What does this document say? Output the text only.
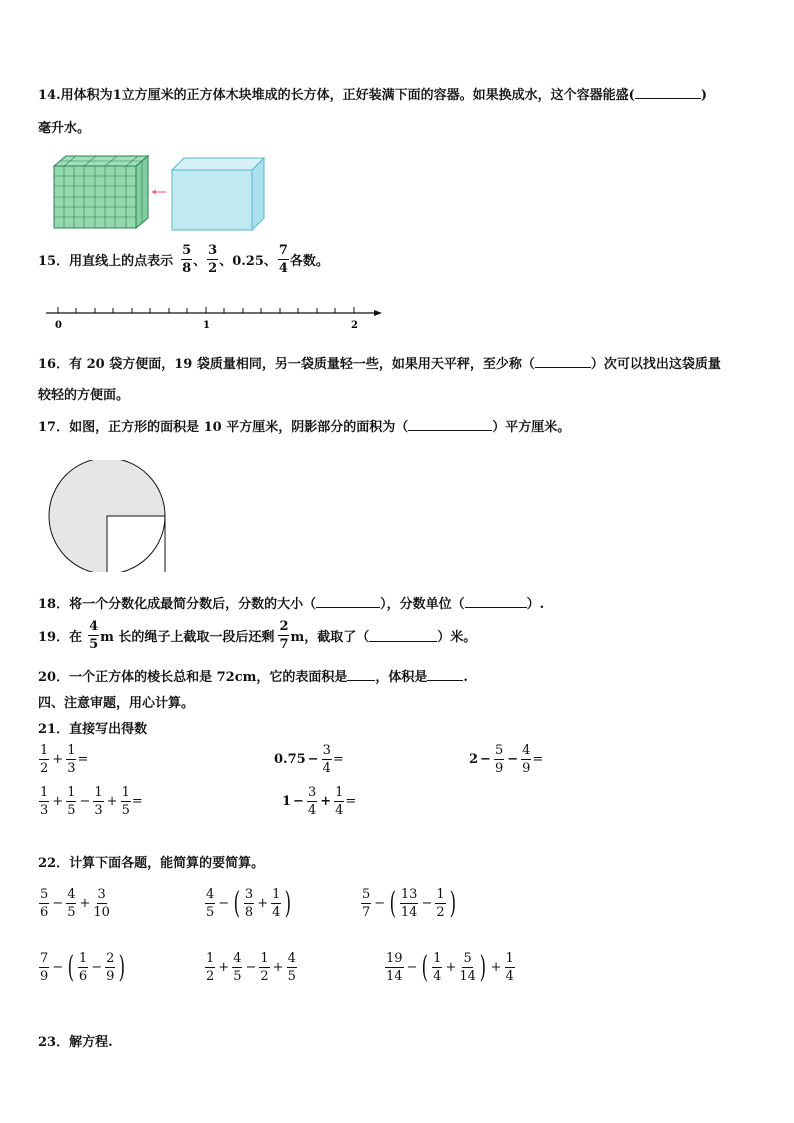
14.用体积为1立方厘米的正方体木块堆成的长方体，正好装满下面的容器。如果换成水，这个容器能盛(	)
毫升水。
15．用直线上的点表示 $\frac{5}{8}$ 、 $\frac{3}{2}$ 、0.25、 $\frac{7}{4}$ 各数。
0	1	2
16．有 20 袋方便面，19 袋质量相同，另一袋质量轻一些，如果用天平秤，至少称（	）次可以找出这袋质量
较轻的方便面。
17．如图，正方形的面积是 10 平方厘米，阴影部分的面积为（	）平方厘米。
18．将一个分数化成最简分数后，分数的大小（	），分数单位（	）.
19．在 $\frac{4}{5}$ m 长的绳子上截取一段后还剩 $\frac{2}{7}$ m，截取了（	）米。
20．一个正方体的棱长总和是 72cm，它的表面积是 ，体积是	.
四、注意审题，用心计算。
21．直接写出得数
$\frac{1}{2} + \frac{1}{3}$ =	$0.75 - \frac{3}{4}$ =	$2 - \frac{5}{9} - \frac{4}{9}$ =
$\frac{1}{3} + \frac{1}{5} - \frac{1}{3} + \frac{1}{5}$ =	$1 - \frac{3}{4} + \frac{1}{4}$ =
22．计算下面各题，能简算的要简算。
$\frac{5}{6} - \frac{4}{5} + \frac{3}{10}$	$\frac{4}{5}$ − ( $\frac{3}{8} + \frac{1}{4}$ )	$\frac{5}{7}$ − ( $\frac{13}{14} - \frac{1}{2}$ )
$\frac{7}{9}$ − ( $\frac{1}{6} - \frac{2}{9}$ )	$\frac{1}{2} + \frac{4}{5} - \frac{1}{2} + \frac{4}{5}$	$\frac{19}{14}$ − ( $\frac{1}{4} + \frac{5}{14}$ ) + $\frac{1}{4}$
23．解方程.
